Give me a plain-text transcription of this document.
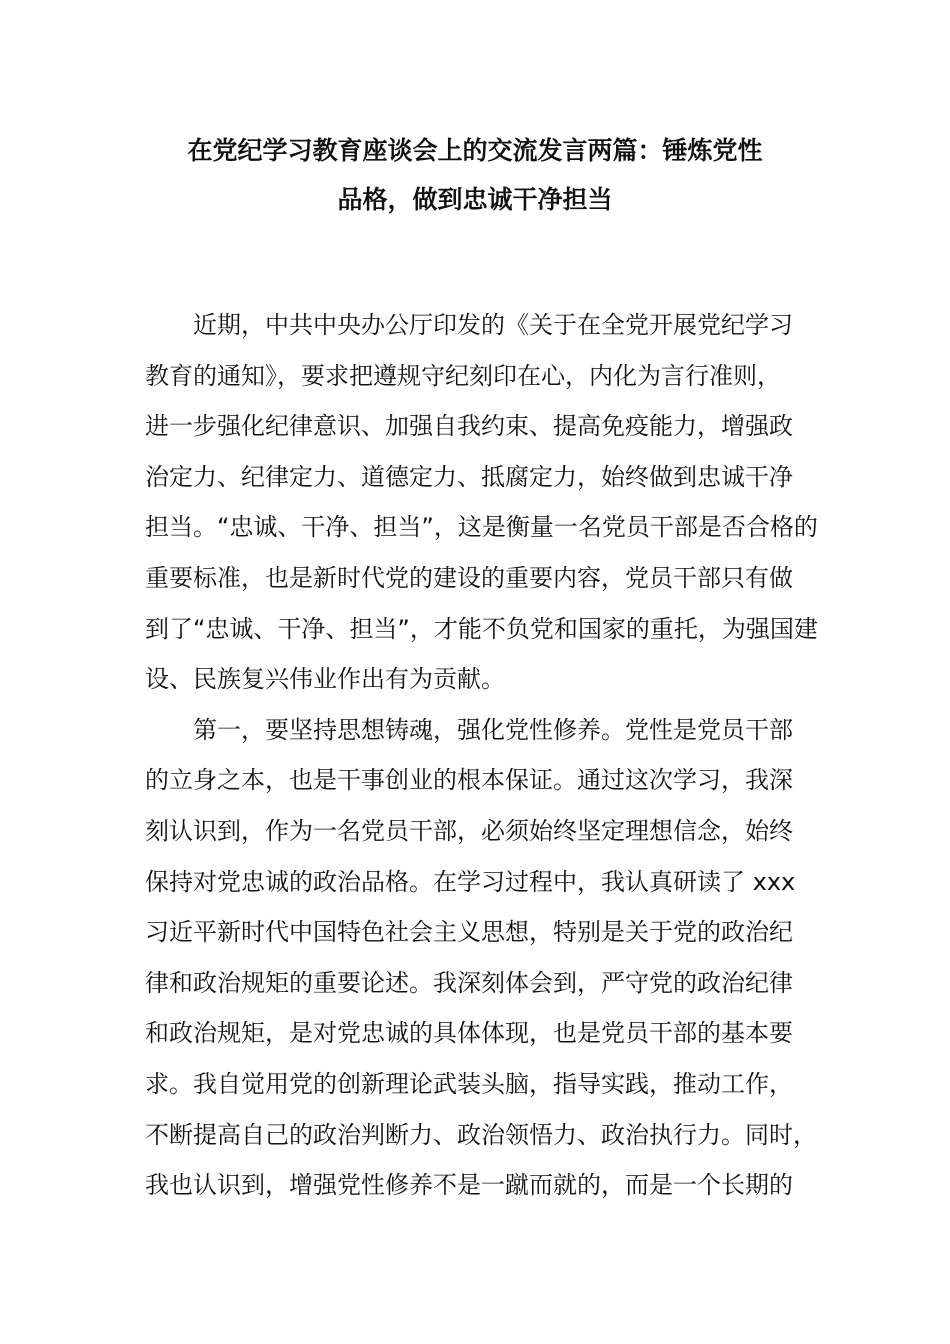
在党纪学习教育座谈会上的交流发言两篇：锤炼党性
品格，做到忠诚干净担当
近期，中共中央办公厅印发的《关于在全党开展党纪学习
教育的通知》，要求把遵规守纪刻印在心，内化为言行准则，
进一步强化纪律意识、加强自我约束、提高免疫能力，增强政
治定力、纪律定力、道德定力、抵腐定力，始终做到忠诚干净
担当。“忠诚、干净、担当”，这是衡量一名党员干部是否合格的
重要标准，也是新时代党的建设的重要内容，党员干部只有做
到了“忠诚、干净、担当”，才能不负党和国家的重托，为强国建
设、民族复兴伟业作出有为贡献。
第一，要坚持思想铸魂，强化党性修养。党性是党员干部
的立身之本，也是干事创业的根本保证。通过这次学习，我深
刻认识到，作为一名党员干部，必须始终坚定理想信念，始终
保持对党忠诚的政治品格。在学习过程中，我认真研读了 xxx
习近平新时代中国特色社会主义思想，特别是关于党的政治纪
律和政治规矩的重要论述。我深刻体会到，严守党的政治纪律
和政治规矩，是对党忠诚的具体体现，也是党员干部的基本要
求。我自觉用党的创新理论武装头脑，指导实践，推动工作，
不断提高自己的政治判断力、政治领悟力、政治执行力。同时，
我也认识到，增强党性修养不是一蹴而就的，而是一个长期的
